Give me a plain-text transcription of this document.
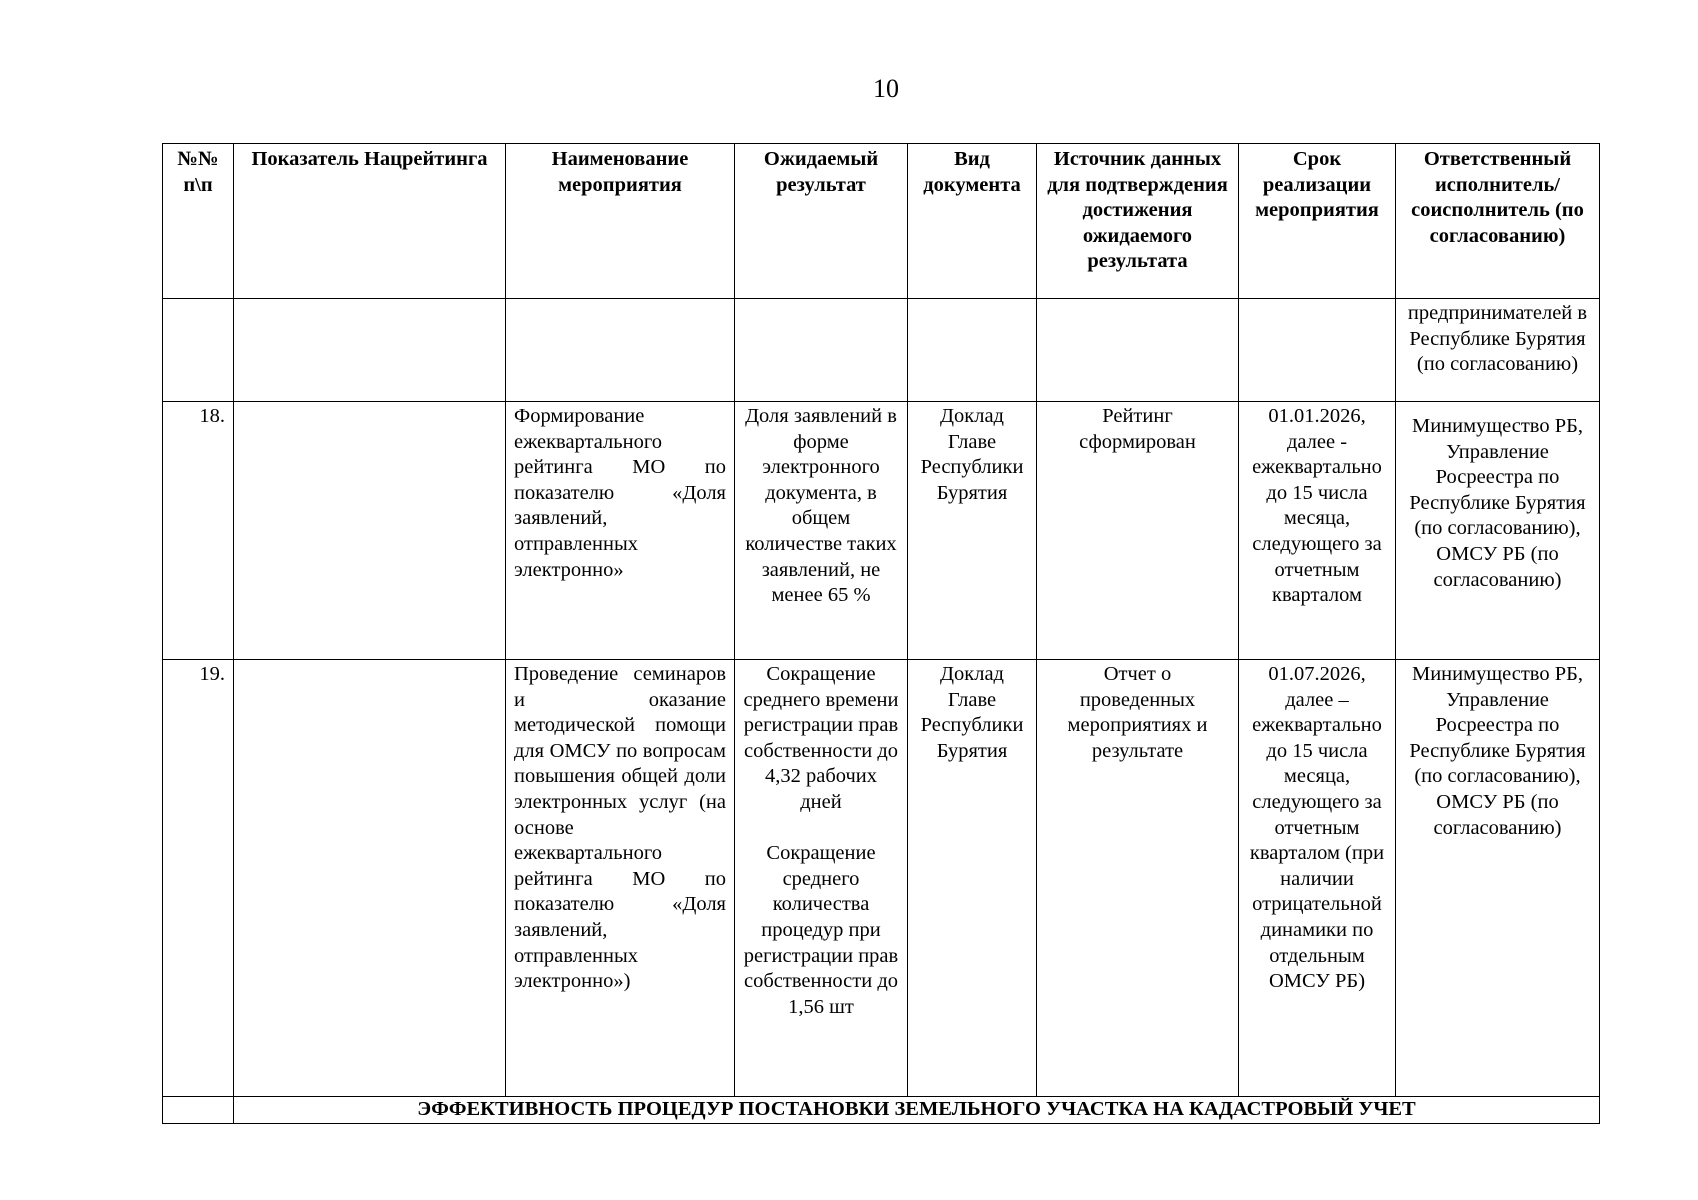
10
№№ п\п	Показатель Нацрейтинга	Наименование мероприятия	Ожидаемый результат	Вид документа	Источник данных для подтверждения достижения ожидаемого результата	Срок реализации мероприятия	Ответственный исполнитель/ соисполнитель (по согласованию)
							предпринимателей в Республике Бурятия (по согласованию)
18.		Формирование ежеквартального рейтинга МО по показателю «Доля заявлений, отправленных электронно»	Доля заявлений в форме электронного документа, в общем количестве таких заявлений, не менее 65 %	Доклад Главе Республики Бурятия	Рейтинг сформирован	01.01.2026, далее - ежеквартально до 15 числа месяца, следующего за отчетным кварталом	Минимущество РБ, Управление Росреестра по Республике Бурятия (по согласованию), ОМСУ РБ (по согласованию)
19.		Проведение семинаров и оказание методической помощи для ОМСУ по вопросам повышения общей доли электронных услуг (на основе ежеквартального рейтинга МО по показателю «Доля заявлений, отправленных электронно»)	Сокращение среднего времени регистрации прав собственности до 4,32 рабочих дней
Сокращение среднего количества процедур при регистрации прав собственности до 1,56 шт	Доклад Главе Республики Бурятия	Отчет о проведенных мероприятиях и результате	01.07.2026, далее – ежеквартально до 15 числа месяца, следующего за отчетным кварталом (при наличии отрицательной динамики по отдельным ОМСУ РБ)	Минимущество РБ, Управление Росреестра по Республике Бурятия (по согласованию), ОМСУ РБ (по согласованию)
	ЭФФЕКТИВНОСТЬ ПРОЦЕДУР ПОСТАНОВКИ ЗЕМЕЛЬНОГО УЧАСТКА НА КАДАСТРОВЫЙ УЧЕТ						
